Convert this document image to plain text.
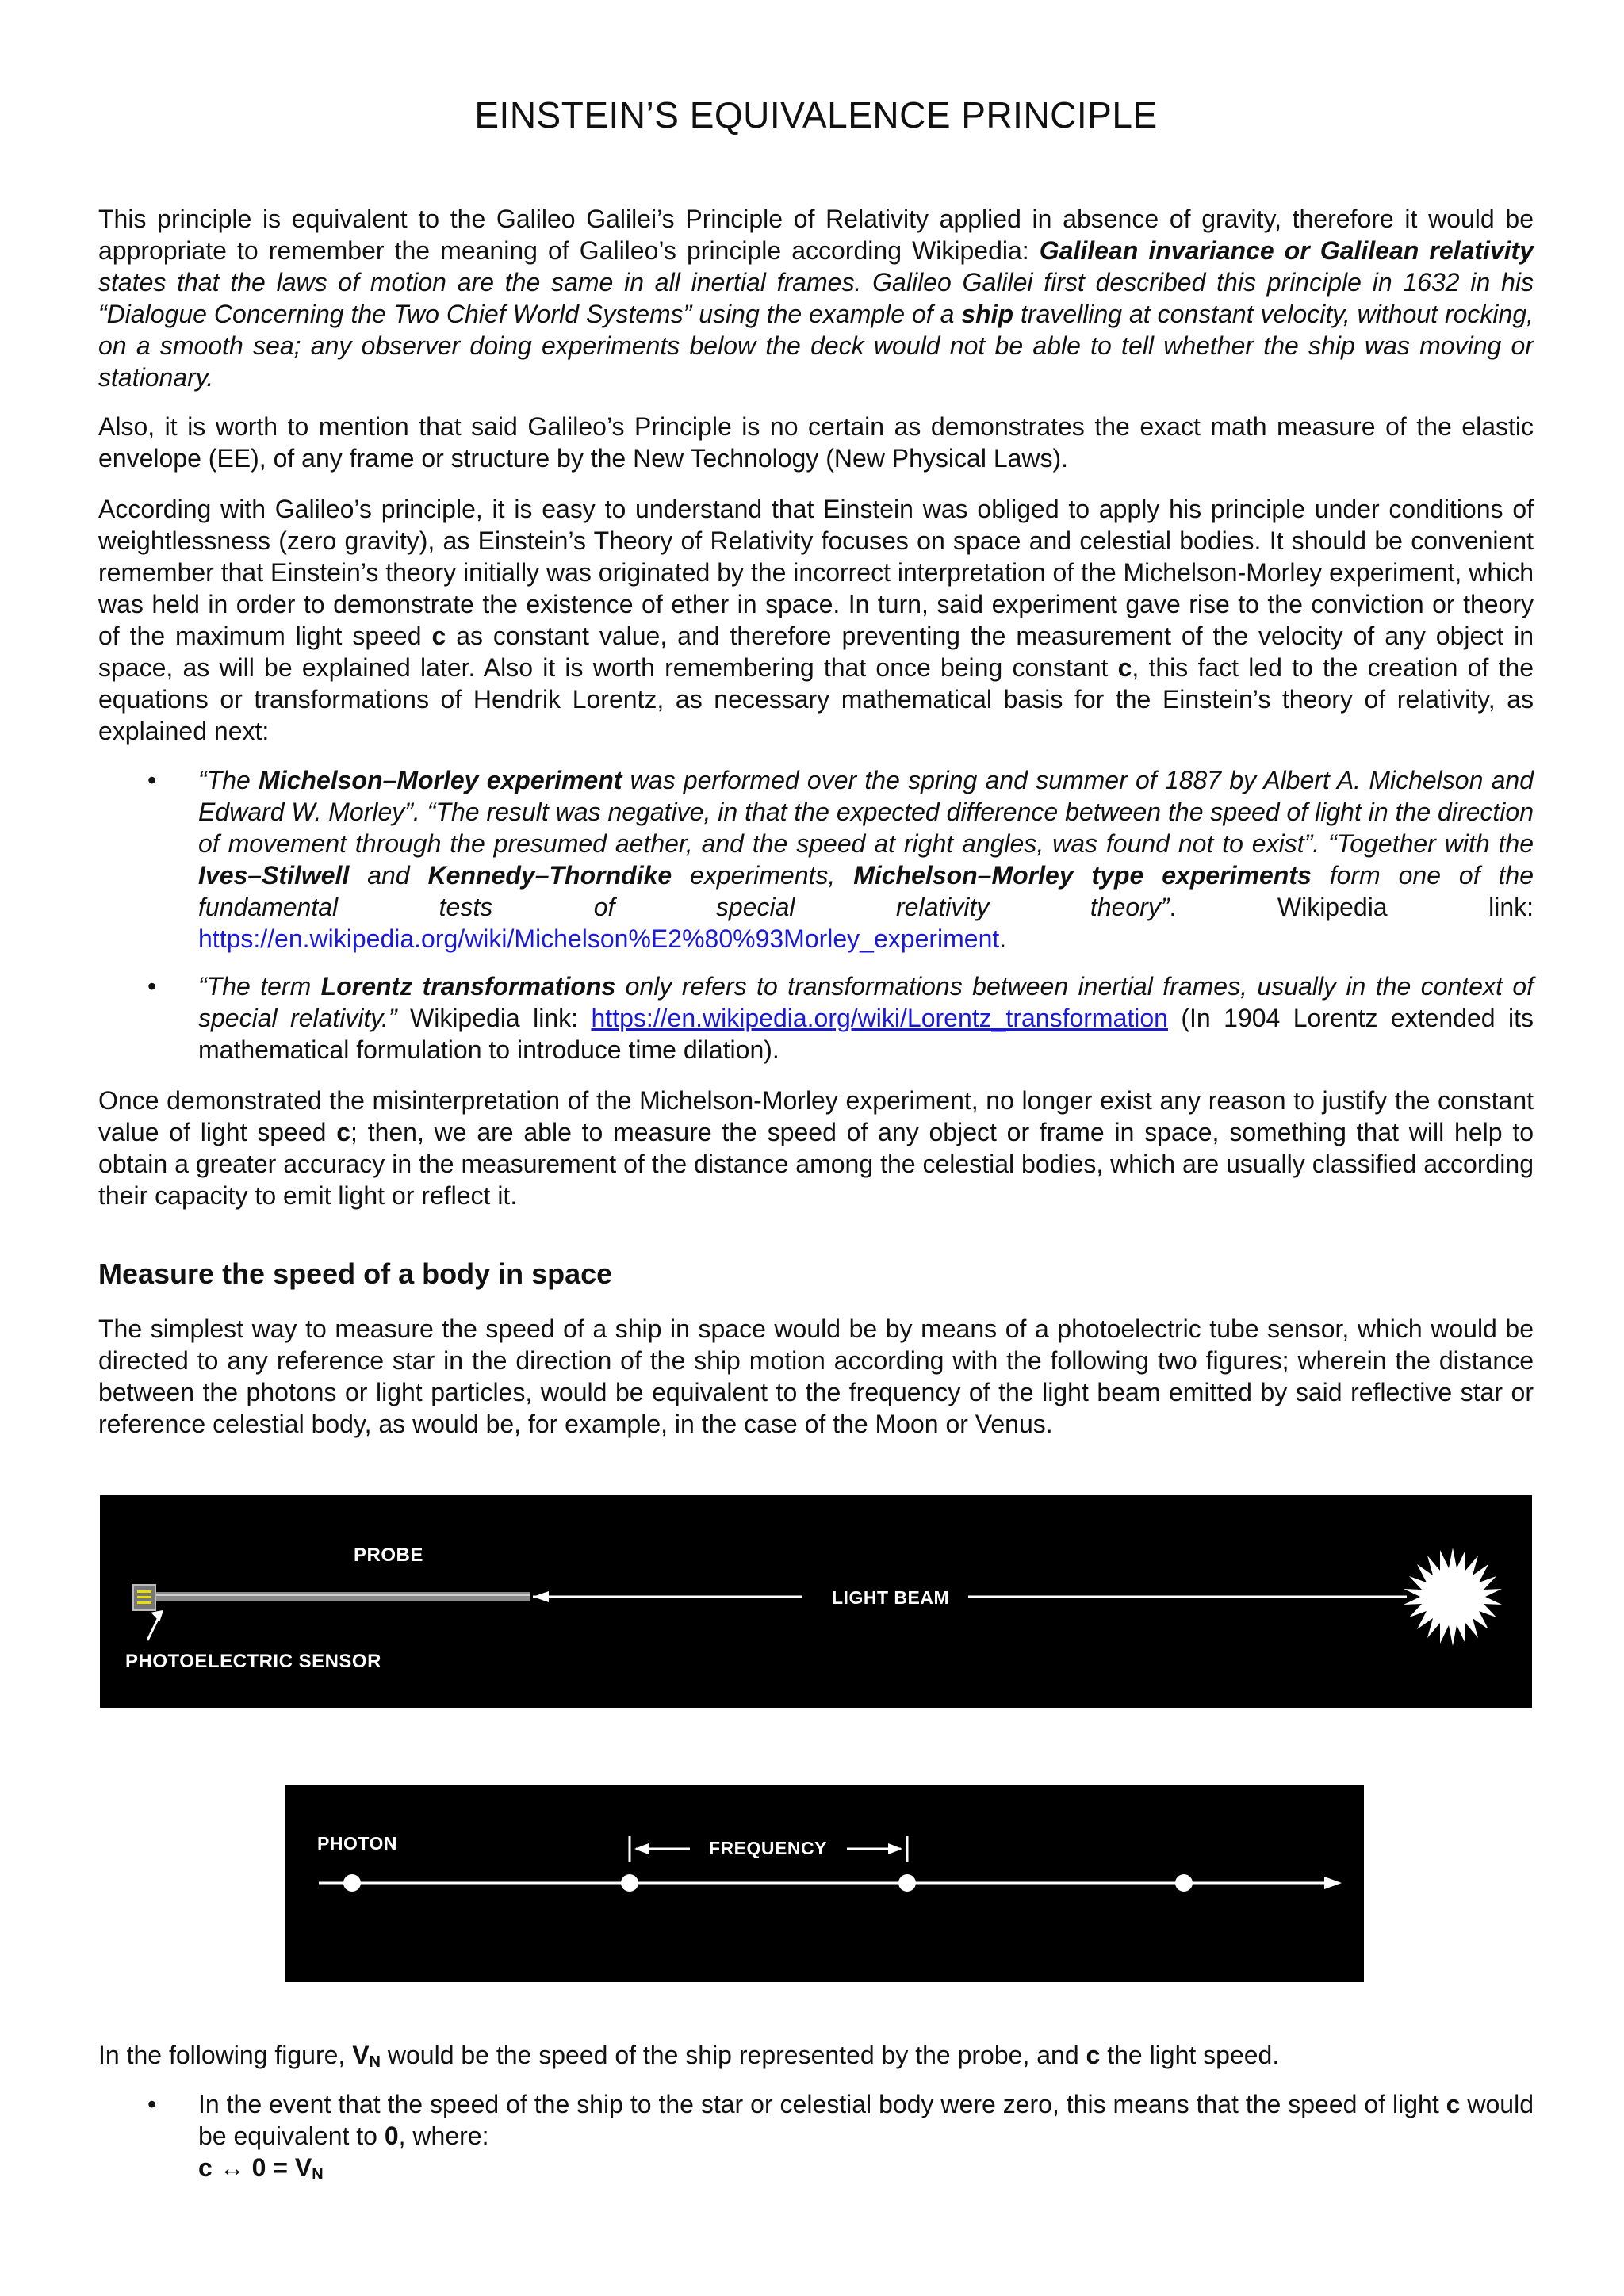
EINSTEIN’S EQUIVALENCE PRINCIPLE

This principle is equivalent to the Galileo Galilei’s Principle of Relativity applied in absence of gravity, therefore it would be appropriate to remember the meaning of Galileo’s principle according Wikipedia: Galilean invariance or Galilean relativity states that the laws of motion are the same in all inertial frames. Galileo Galilei first described this principle in 1632 in his “Dialogue Concerning the Two Chief World Systems” using the example of a ship travelling at constant velocity, without rocking, on a smooth sea; any observer doing experiments below the deck would not be able to tell whether the ship was moving or stationary.

Also, it is worth to mention that said Galileo’s Principle is no certain as demonstrates the exact math measure of the elastic envelope (EE), of any frame or structure by the New Technology (New Physical Laws).

According with Galileo’s principle, it is easy to understand that Einstein was obliged to apply his principle under conditions of weightlessness (zero gravity), as Einstein’s Theory of Relativity focuses on space and celestial bodies. It should be convenient remember that Einstein’s theory initially was originated by the incorrect interpretation of the Michelson-Morley experiment, which was held in order to demonstrate the existence of ether in space. In turn, said experiment gave rise to the conviction or theory of the maximum light speed c as constant value, and therefore preventing the measurement of the velocity of any object in space, as will be explained later. Also it is worth remembering that once being constant c, this fact led to the creation of the equations or transformations of Hendrik Lorentz, as necessary mathematical basis for the Einstein’s theory of relativity, as explained next:

• “The Michelson–Morley experiment was performed over the spring and summer of 1887 by Albert A. Michelson and Edward W. Morley”. “The result was negative, in that the expected difference between the speed of light in the direction of movement through the presumed aether, and the speed at right angles, was found not to exist”. “Together with the Ives–Stilwell and Kennedy–Thorndike experiments, Michelson–Morley type experiments form one of the fundamental tests of special relativity theory”. Wikipedia link: https://en.wikipedia.org/wiki/Michelson%E2%80%93Morley_experiment.
• “The term Lorentz transformations only refers to transformations between inertial frames, usually in the context of special relativity.” Wikipedia link: https://en.wikipedia.org/wiki/Lorentz_transformation (In 1904 Lorentz extended its mathematical formulation to introduce time dilation).

Once demonstrated the misinterpretation of the Michelson-Morley experiment, no longer exist any reason to justify the constant value of light speed c; then, we are able to measure the speed of any object or frame in space, something that will help to obtain a greater accuracy in the measurement of the distance among the celestial bodies, which are usually classified according their capacity to emit light or reflect it.

Measure the speed of a body in space

The simplest way to measure the speed of a ship in space would be by means of a photoelectric tube sensor, which would be directed to any reference star in the direction of the ship motion according with the following two figures; wherein the distance between the photons or light particles, would be equivalent to the frequency of the light beam emitted by said reflective star or reference celestial body, as would be, for example, in the case of the Moon or Venus.

In the following figure, $V_N$ would be the speed of the ship represented by the probe, and c the light speed.

• In the event that the speed of the ship to the star or celestial body were zero, this means that the speed of light c would be equivalent to 0, where:
c ↔ $0 = V_N$
PROBE
LIGHT BEAM
PHOTOELECTRIC SENSOR
PHOTON	FREQUENCY
